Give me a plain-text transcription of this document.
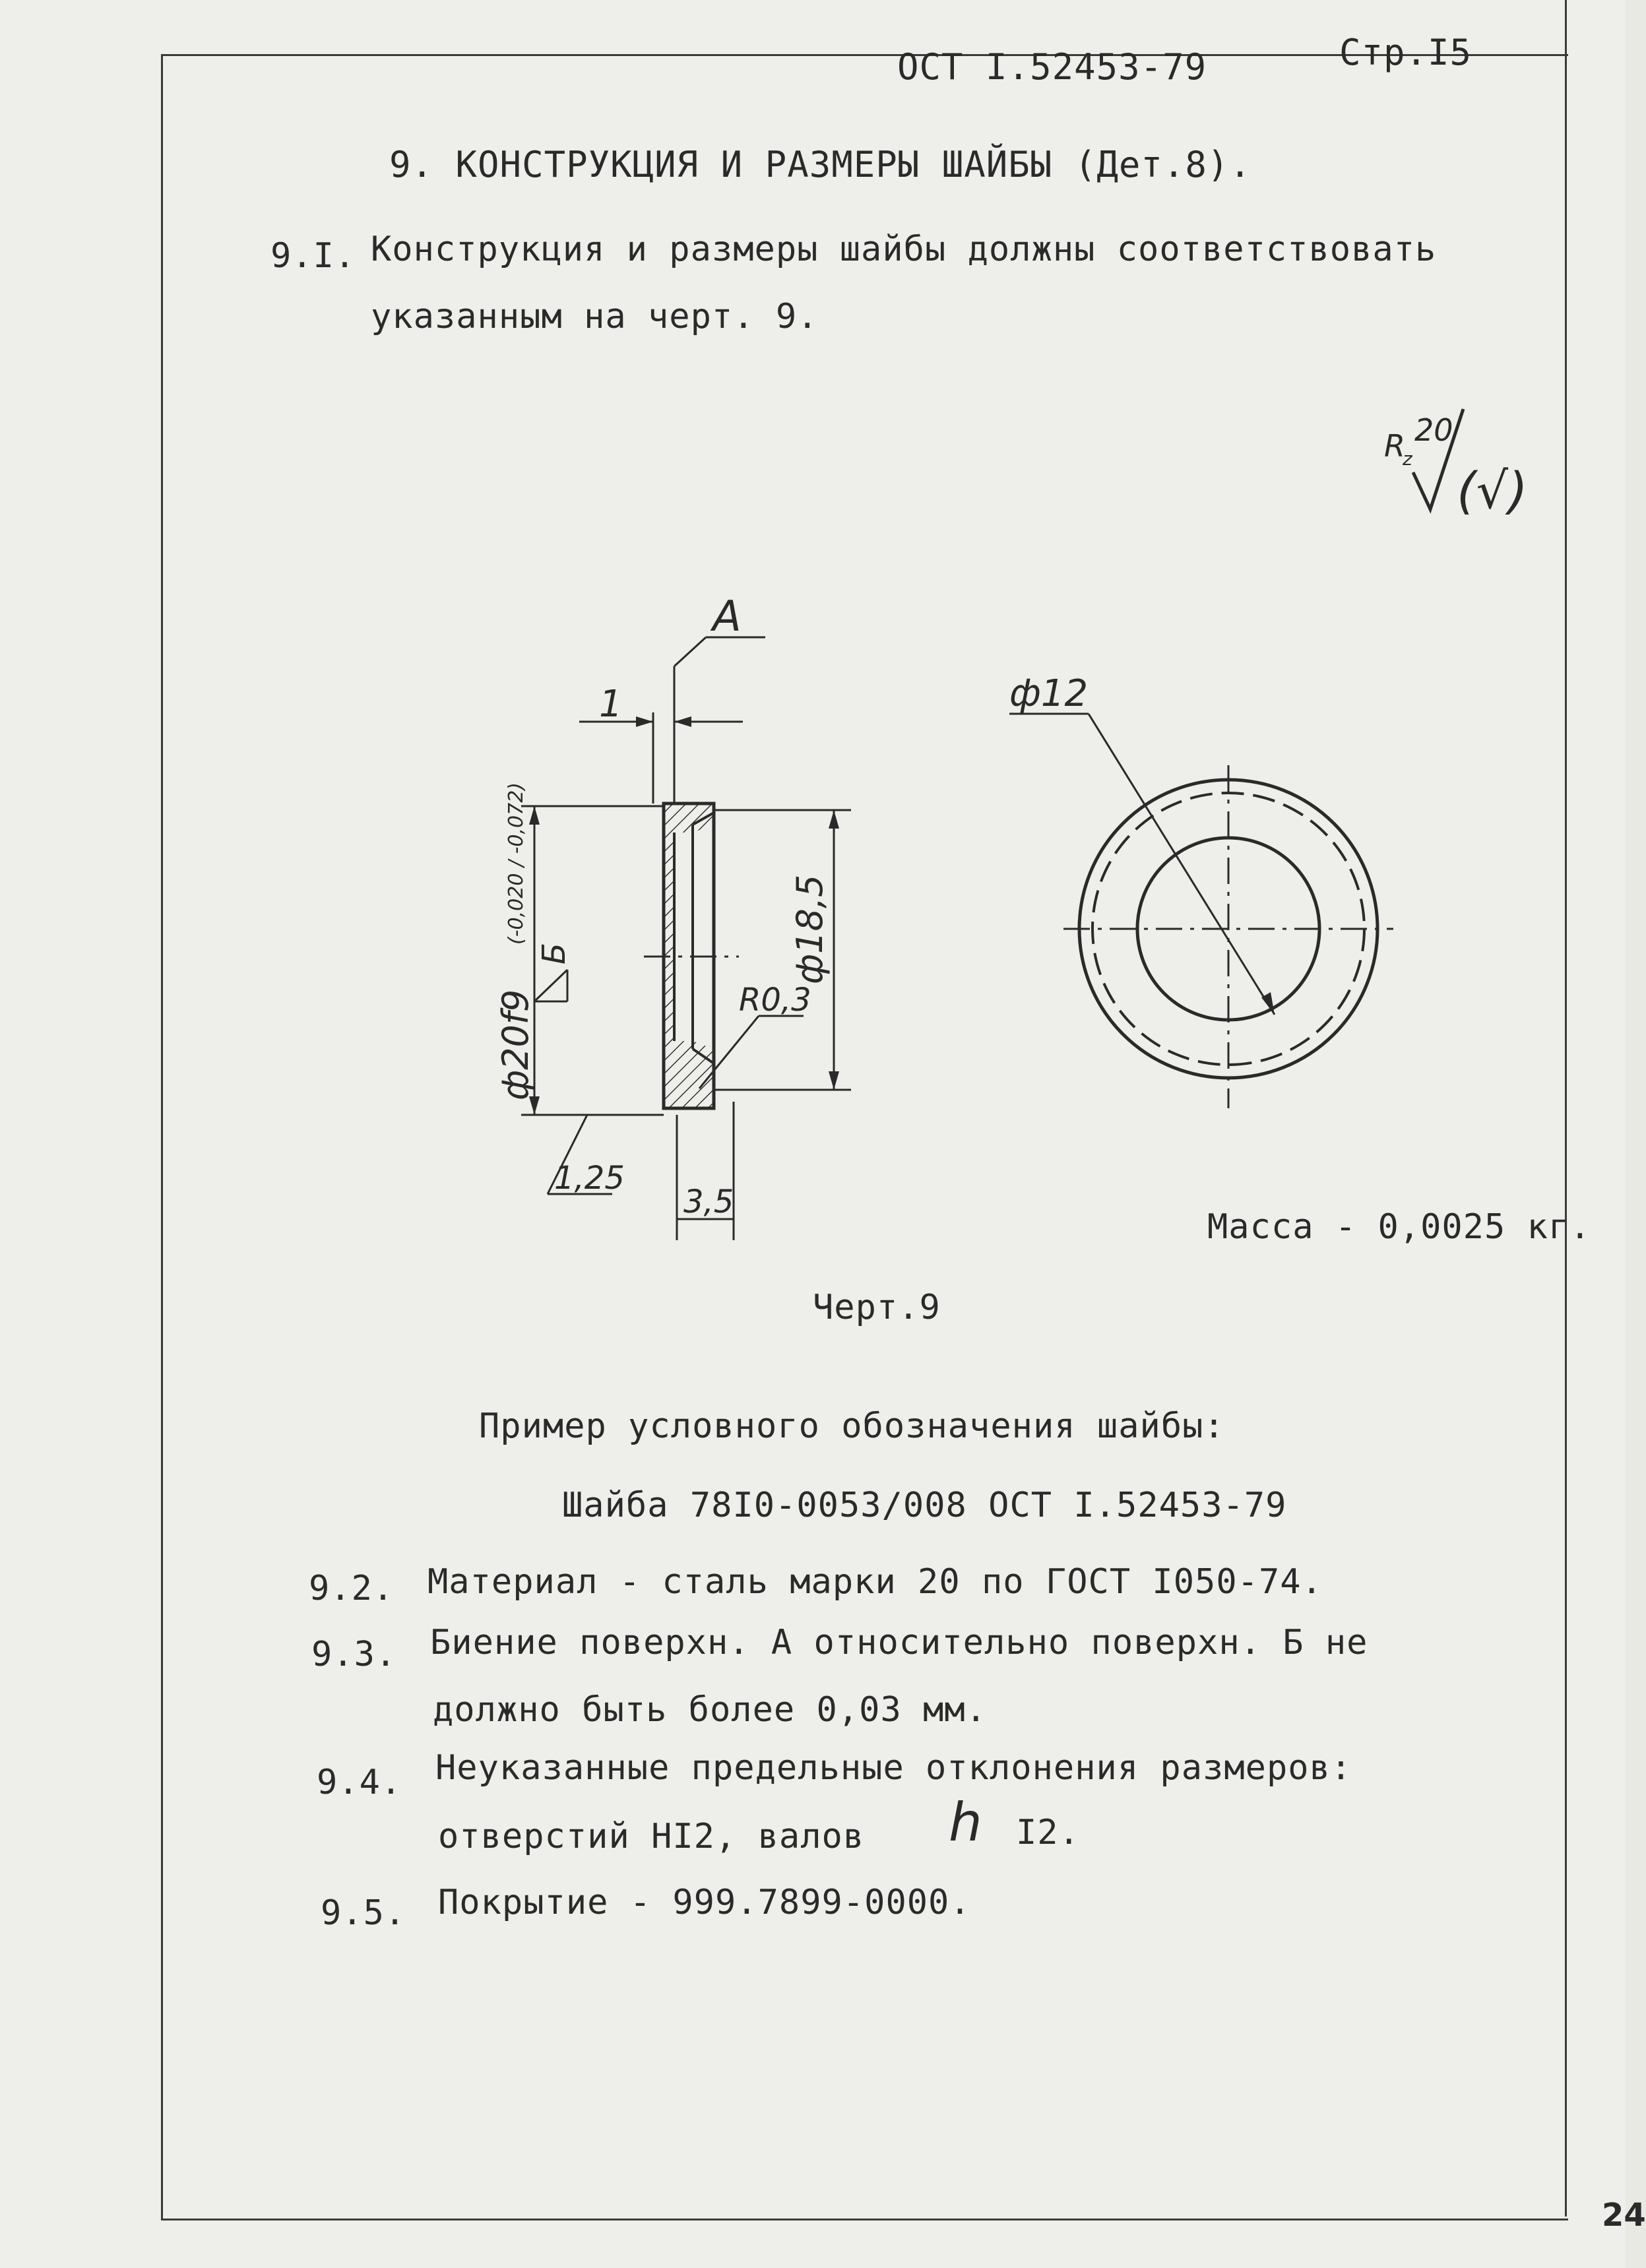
ОСТ I.52453-79	Стр.I5
9. КОНСТРУКЦИЯ И РАЗМЕРЫ ШАЙБЫ (Дет.8).
9.I. Конструкция и размеры шайбы должны соответствовать
указанным на черт. 9.
R
z
20
(√)
A
1
ф20f9
(-0,020 / -0,072)
Б	ф18,5
R0,3
1,25
3,5
ф12
Масса - 0,0025 кг.
Черт.9
Пример условного обозначения шайбы:
Шайба 78I0-0053/008 ОСТ I.52453-79
9.2. Материал - сталь марки 20 по ГОСТ I050-74.
9.3. Биение поверхн. А относительно поверхн. Б не
должно быть более 0,03 мм.
9.4. Неуказанные предельные отклонения размеров:
отверстий HI2, валов h I2.
9.5. Покрытие - 999.7899-0000.
24
